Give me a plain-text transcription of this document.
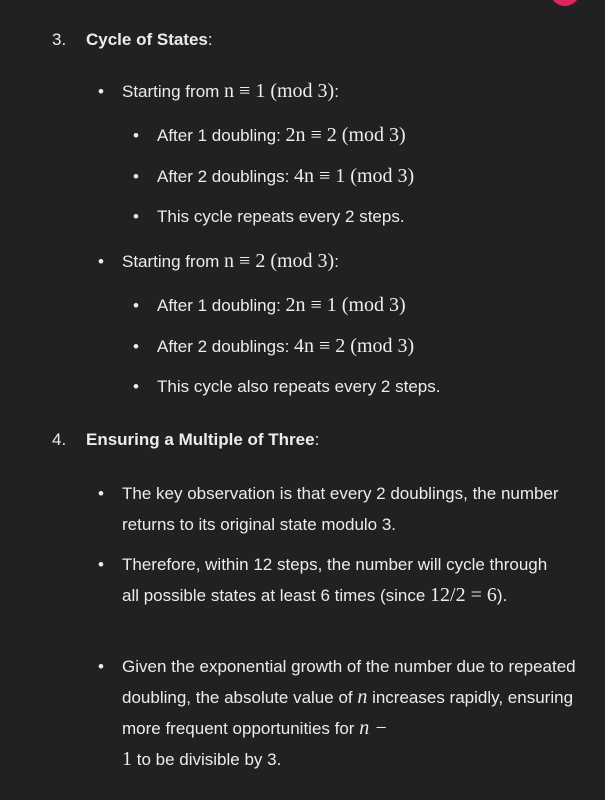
3. Cycle of States:
• Starting from n ≡ 1 (mod 3):
• After 1 doubling: 2n ≡ 2 (mod 3)
• After 2 doublings: 4n ≡ 1 (mod 3)
• This cycle repeats every 2 steps.
• Starting from n ≡ 2 (mod 3):
• After 1 doubling: 2n ≡ 1 (mod 3)
• After 2 doublings: 4n ≡ 2 (mod 3)
• This cycle also repeats every 2 steps.
4. Ensuring a Multiple of Three:
• The key observation is that every 2 doublings, the number returns to its original state modulo 3.
• Therefore, within 12 steps, the number will cycle through all possible states at least 6 times (since 12/2 = 6).
• Given the exponential growth of the number due to repeated doubling, the absolute value of n increases rapidly, ensuring more frequent opportunities for n −
1 to be divisible by 3.
